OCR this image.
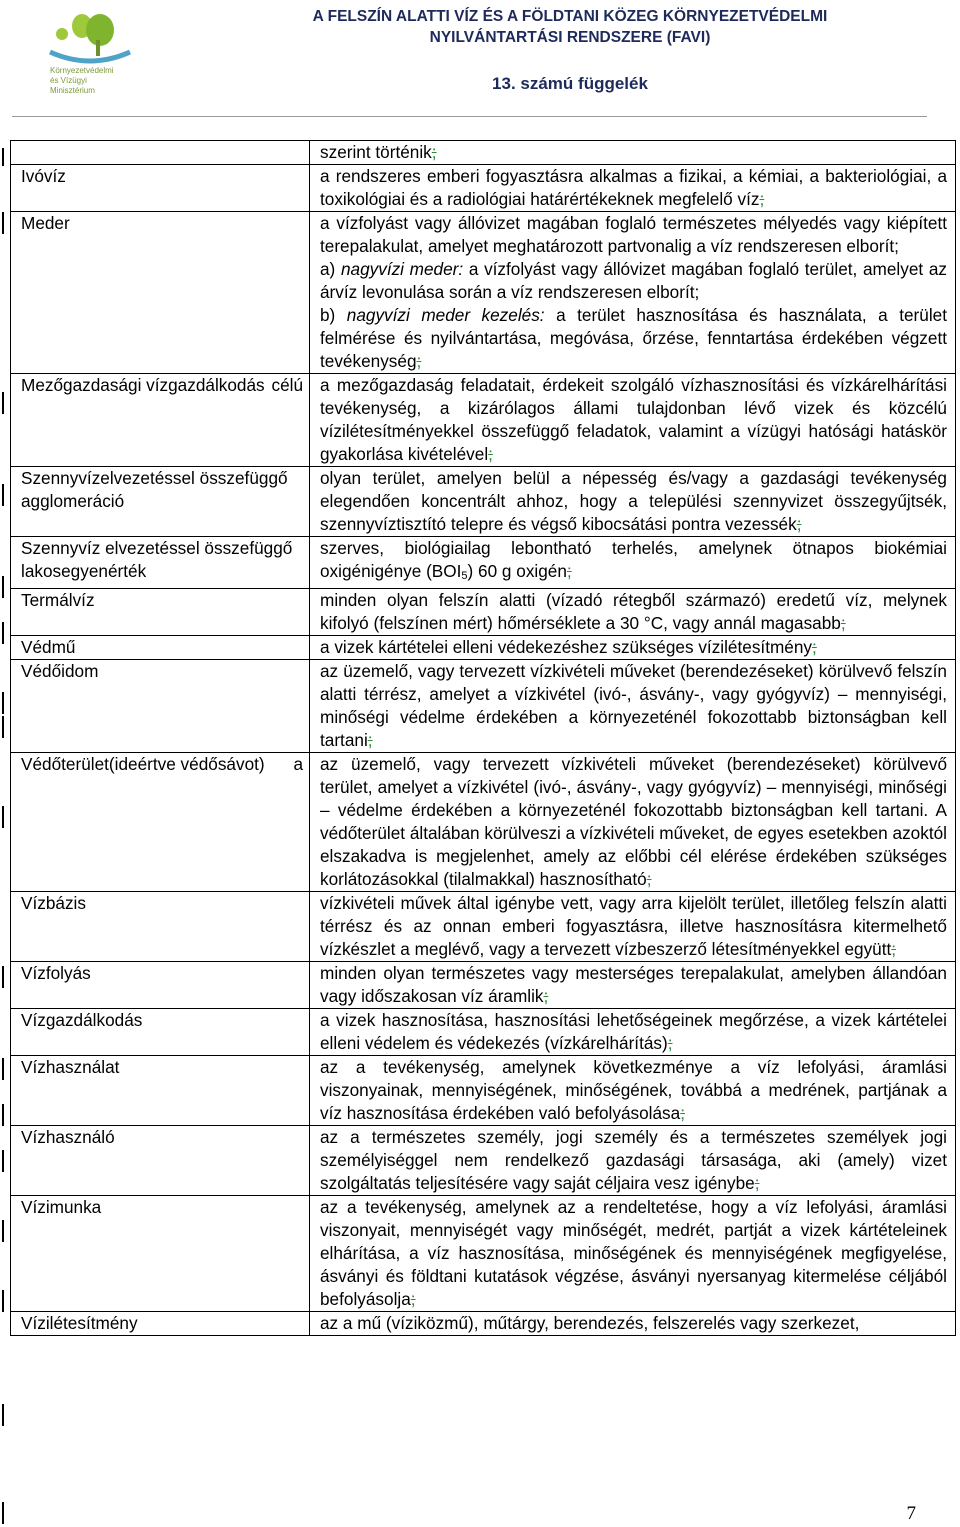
Környezetvédelmi
és Vízügyi
Minisztérium
A FELSZÍN ALATTI VÍZ ÉS A FÖLDTANI KÖZEG KÖRNYEZETVÉDELMI
NYILVÁNTARTÁSI RENDSZERE (FAVI)
13. számú függelék

	szerint történik;

Ivóvíz	a rendszeres emberi fogyasztásra alkalmas a fizikai, a kémiai, a bakteriológiai, a toxikológiai és a radiológiai határértékeknek megfelelő víz;

Meder	a vízfolyást vagy állóvizet magában foglaló természetes mélyedés vagy kiépített terepalakulat, amelyet meghatározott partvonalig a víz rendszeresen elborít;
a) nagyvízi meder: a vízfolyást vagy állóvizet magában foglaló terület, amelyet az árvíz levonulása során a víz rendszeresen elborít;
b) nagyvízi meder kezelés: a terület hasznosítása és használata, a terület felmérése és nyilvántartása, megóvása, őrzése, fenntartása érdekében végzett tevékenység;

Mezőgazdasági vízgazdálkodás célú	a mezőgazdaság feladatait, érdekeit szolgáló vízhasznosítási és vízkárelhárítási tevékenység, a kizárólagos állami tulajdonban lévő vizek és közcélú vízilétesítményekkel összefüggő feladatok, valamint a vízügyi hatósági hatáskör gyakorlása kivételével;

Szennyvízelvezetéssel összefüggő agglomeráció	olyan terület, amelyen belül a népesség és/vagy a gazdasági tevékenység elegendően koncentrált ahhoz, hogy a települési szennyvizet összegyűjtsék, szennyvíztisztító telepre és végső kibocsátási pontra vezessék;

Szennyvíz elvezetéssel összefüggő lakosegyenérték	szerves, biológiailag lebontható terhelés, amelynek ötnapos biokémiai oxigénigénye (BOI5) 60 g oxigén;

Termálvíz	minden olyan felszín alatti (vízadó rétegből származó) eredetű víz, melynek kifolyó (felszínen mért) hőmérséklete a 30 °C, vagy annál magasabb;

Védmű	a vizek kártételei elleni védekezéshez szükséges vízilétesítmény;

Védőidom	az üzemelő, vagy tervezett vízkivételi műveket (berendezéseket) körülvevő felszín alatti térrész, amelyet a vízkivétel (ivó-, ásvány-, vagy gyógyvíz) – mennyiségi, minőségi védelme érdekében a környezeténél fokozottabb biztonságban kell tartani;

Védőterület(ideértve védősávot) a	az üzemelő, vagy tervezett vízkivételi műveket (berendezéseket) körülvevő terület, amelyet a vízkivétel (ivó-, ásvány-, vagy gyógyvíz) – mennyiségi, minőségi – védelme érdekében a környezeténél fokozottabb biztonságban kell tartani. A védőterület általában körülveszi a vízkivételi műveket, de egyes esetekben azoktól elszakadva is megjelenhet, amely az előbbi cél elérése érdekében szükséges korlátozásokkal (tilalmakkal) hasznosítható;

Vízbázis	vízkivételi művek által igénybe vett, vagy arra kijelölt terület, illetőleg felszín alatti térrész és az onnan emberi fogyasztásra, illetve hasznosításra kitermelhető vízkészlet a meglévő, vagy a tervezett vízbeszerző létesítményekkel együtt;

Vízfolyás	minden olyan természetes vagy mesterséges terepalakulat, amelyben állandóan vagy időszakosan víz áramlik;

Vízgazdálkodás	a vizek hasznosítása, hasznosítási lehetőségeinek megőrzése, a vizek kártételei elleni védelem és védekezés (vízkárelhárítás);

Vízhasználat	az a tevékenység, amelynek következménye a víz lefolyási, áramlási viszonyainak, mennyiségének, minőségének, továbbá a medrének, partjának a víz hasznosítása érdekében való befolyásolása;

Vízhasználó	az a természetes személy, jogi személy és a természetes személyek jogi személyiséggel nem rendelkező gazdasági társasága, aki (amely) vizet szolgáltatás teljesítésére vagy saját céljaira vesz igénybe;

Vízimunka	az a tevékenység, amelynek az a rendeltetése, hogy a víz lefolyási, áramlási viszonyait, mennyiségét vagy minőségét, medrét, partját a vizek kártételeinek elhárítása, a víz hasznosítása, minőségének és mennyiségének megfigyelése, ásványi és földtani kutatások végzése, ásványi nyersanyag kitermelése céljából befolyásolja;

Vízilétesítmény	az a mű (víziközmű), műtárgy, berendezés, felszerelés vagy szerkezet,
7
